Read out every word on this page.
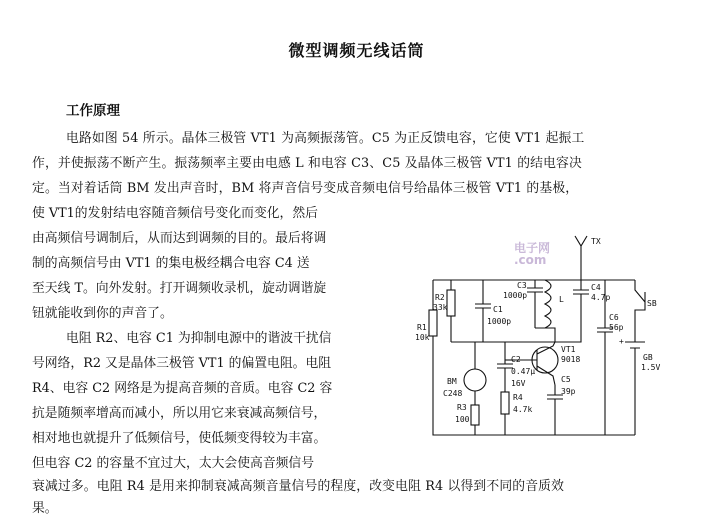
微型调频无线话筒
工作原理
电路如图 54 所示。晶体三极管 VT1 为高频振荡管。C5 为正反馈电容，它使 VT1 起振工
作，并使振荡不断产生。振荡频率主要由电感 L 和电容 C3、C5 及晶体三极管 VT1 的结电容决
定。当对着话筒 BM 发出声音时，BM 将声音信号变成音频电信号给晶体三极管 VT1 的基极，
使 VT1的发射结电容随音频信号变化而变化，然后
由高频信号调制后，从而达到调频的目的。最后将调
制的高频信号由 VT1 的集电极经耦合电容 C4 送
至天线 T。向外发射。打开调频收录机，旋动调谐旋
钮就能收到你的声音了。
电阻 R2、电容 C1 为抑制电源中的谐波干扰信
号网络，R2 又是晶体三极管 VT1 的偏置电阻。电阻
R4、电容 C2 网络是为提高音频的音质。电容 C2 容
抗是随频率增高而减小，所以用它来衰减高频信号，
相对地也就提升了低频信号，使低频变得较为丰富。
但电容 C2 的容量不宜过大，太大会使高音频信号
衰减过多。电阻 R4 是用来抑制衰减高频音量信号的程度，改变电阻 R4 以得到不同的音质效
果。
电子网
.com
TX
C3
1000p	L
C4
4.7p
R2
33k	C1
1000p
R1
10k
VT1
9018
C6
56p
SB
GB
1.5V
+
C2
0.47μ
16V
BM
C248
C5
39p
R3
100
R4
4.7k
